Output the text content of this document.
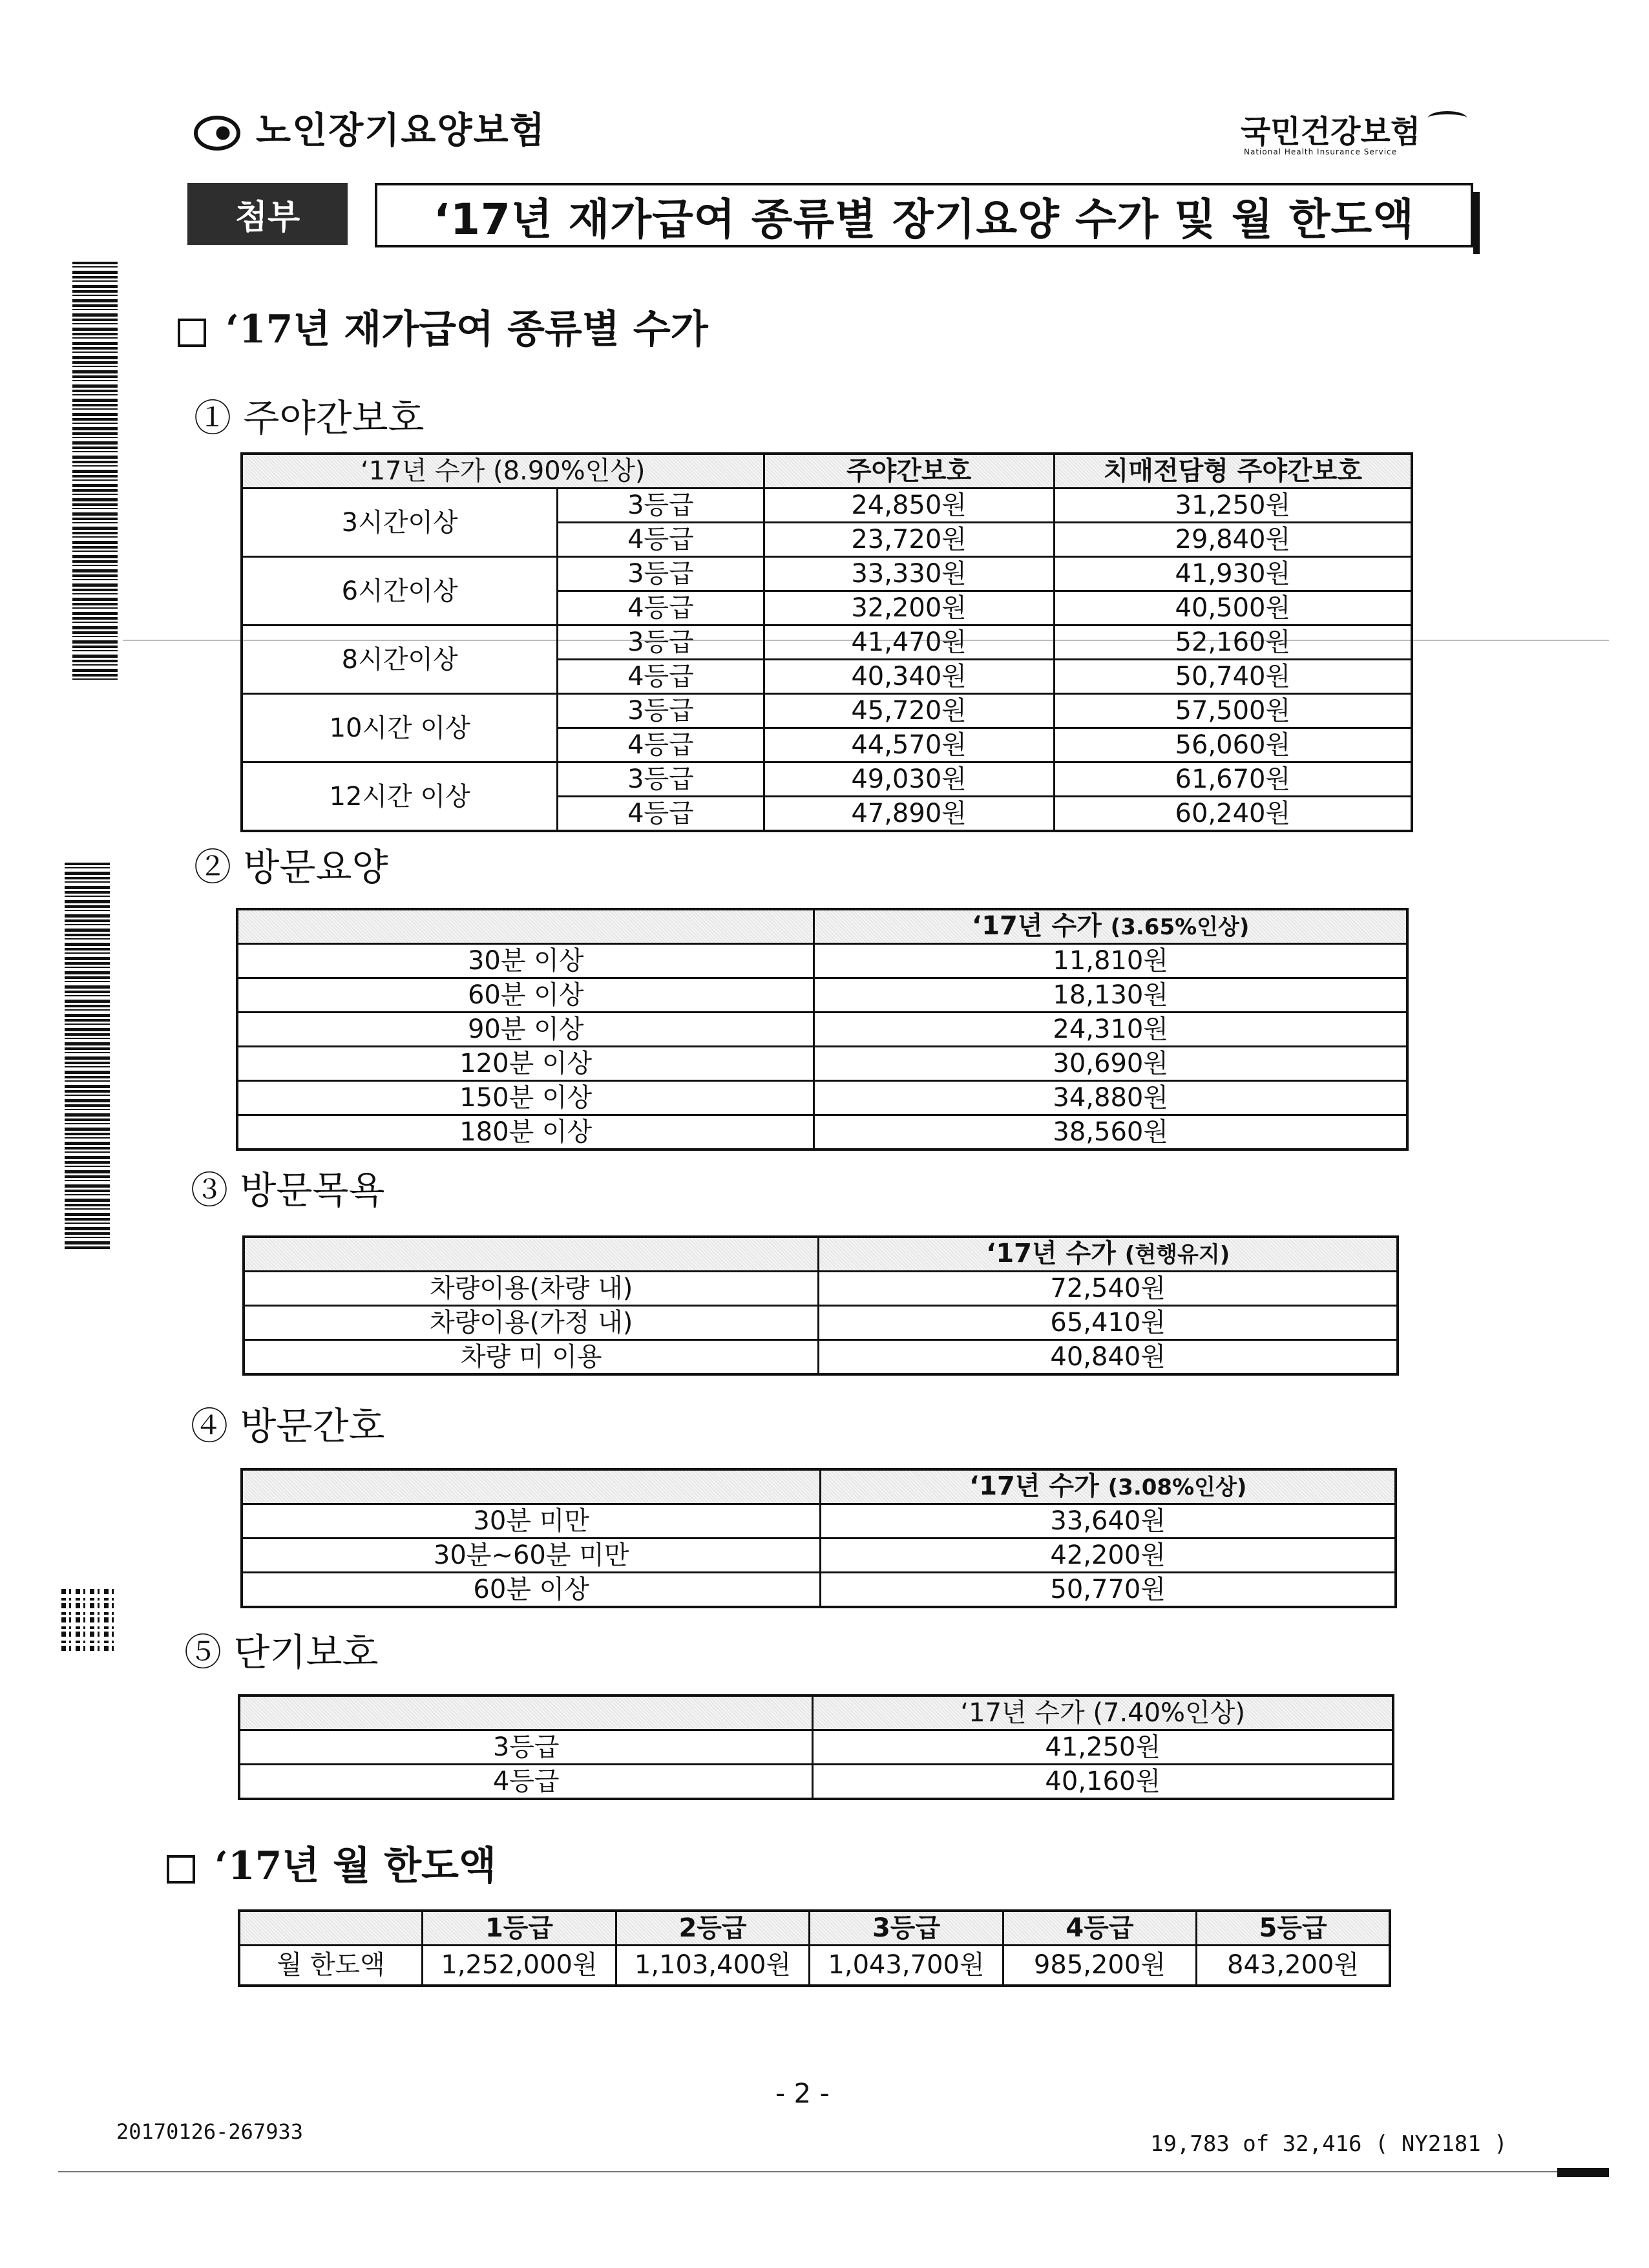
노인장기요양보험	국민건강보험
National Health Insurance Service
첨부	‘17년 재가급여 종류별 장기요양 수가 및 월 한도액
‘17년 재가급여 종류별 수가
① 주야간보호
‘17년 수가 (8.90%인상)		주야간보호	치매전담형 주야간보호
3시간이상	3등급	24,850원	31,250원
	4등급	23,720원	29,840원
6시간이상	3등급	33,330원	41,930원
	4등급	32,200원	40,500원
8시간이상	3등급	41,470원	52,160원
	4등급	40,340원	50,740원
10시간 이상	3등급	45,720원	57,500원
	4등급	44,570원	56,060원
12시간 이상	3등급	49,030원	61,670원
	4등급	47,890원	60,240원
② 방문요양
	‘17년 수가 (3.65%인상)
30분 이상	11,810원
60분 이상	18,130원
90분 이상	24,310원
120분 이상	30,690원
150분 이상	34,880원
180분 이상	38,560원
③ 방문목욕
	‘17년 수가 (현행유지)
차량이용(차량 내)	72,540원
차량이용(가정 내)	65,410원
차량 미 이용	40,840원
④ 방문간호
	‘17년 수가 (3.08%인상)
30분 미만	33,640원
30분~60분 미만	42,200원
60분 이상	50,770원
⑤ 단기보호
	‘17년 수가 (7.40%인상)
3등급	41,250원
4등급	40,160원
‘17년 월 한도액
	1등급	2등급	3등급	4등급	5등급
월 한도액	1,252,000원	1,103,400원	1,043,700원	985,200원	843,200원
- 2 -
20170126-267933	19,783 of 32,416 ( NY2181 )
